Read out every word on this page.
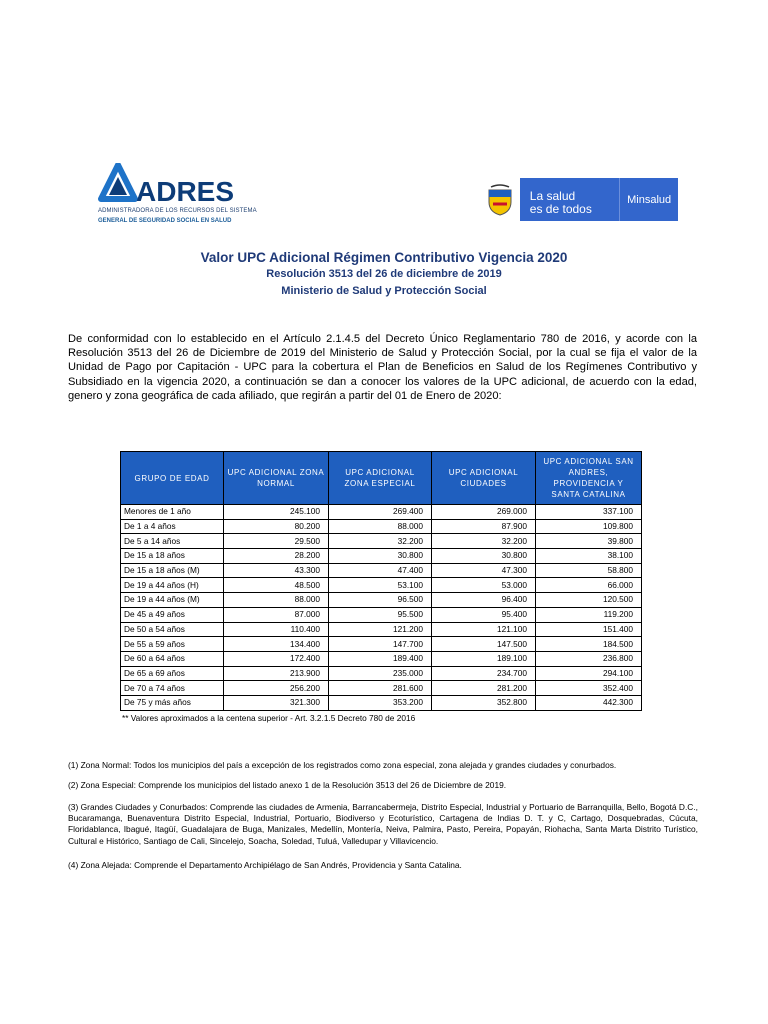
ADRES
ADMINISTRADORA DE LOS RECURSOS DEL SISTEMA
GENERAL DE SEGURIDAD SOCIAL EN SALUD
La salud
es de todos
Minsalud
Valor UPC Adicional Régimen Contributivo Vigencia 2020
Resolución 3513 del 26 de diciembre de 2019
Ministerio de Salud y Protección Social
De conformidad con lo establecido en el Artículo 2.1.4.5 del Decreto Único Reglamentario 780 de 2016, y acorde con la Resolución 3513 del 26 de Diciembre de 2019 del Ministerio de Salud y Protección Social, por la cual se fija el valor de la Unidad de Pago por Capitación - UPC para la cobertura el Plan de Beneficios en Salud de los Regímenes Contributivo y Subsidiado en la vigencia 2020, a continuación se dan a conocer los valores de la UPC adicional, de acuerdo con la edad, genero y zona geográfica de cada afiliado, que regirán a partir del 01 de Enero de 2020:
GRUPO DE EDAD	UPC ADICIONAL ZONA NORMAL	UPC ADICIONAL ZONA ESPECIAL	UPC ADICIONAL CIUDADES	UPC ADICIONAL SAN ANDRES, PROVIDENCIA Y SANTA CATALINA
Menores de 1 año	245.100	269.400	269.000	337.100
De 1 a 4 años	80.200	88.000	87.900	109.800
De 5 a 14 años	29.500	32.200	32.200	39.800
De 15 a 18 años	28.200	30.800	30.800	38.100
De 15 a 18 años (M)	43.300	47.400	47.300	58.800
De 19 a 44 años (H)	48.500	53.100	53.000	66.000
De 19 a 44 años (M)	88.000	96.500	96.400	120.500
De 45 a 49 años	87.000	95.500	95.400	119.200
De 50 a 54 años	110.400	121.200	121.100	151.400
De 55 a 59 años	134.400	147.700	147.500	184.500
De 60 a 64 años	172.400	189.400	189.100	236.800
De 65 a 69 años	213.900	235.000	234.700	294.100
De 70 a 74 años	256.200	281.600	281.200	352.400
De 75 y más años	321.300	353.200	352.800	442.300
** Valores aproximados a la centena superior - Art. 3.2.1.5 Decreto 780 de 2016
(1) Zona Normal: Todos los municipios del país a excepción de los registrados como zona especial, zona alejada y grandes ciudades y conurbados.
(2) Zona Especial: Comprende los municipios del listado anexo 1 de la Resolución 3513 del 26 de Diciembre de 2019.
(3) Grandes Ciudades y Conurbados: Comprende las ciudades de Armenia, Barrancabermeja, Distrito Especial, Industrial y Portuario de Barranquilla, Bello, Bogotá D.C., Bucaramanga, Buenaventura Distrito Especial, Industrial, Portuario, Biodiverso y Ecoturístico, Cartagena de Indias D. T. y C, Cartago, Dosquebradas, Cúcuta, Floridablanca, Ibagué, Itagüí, Guadalajara de Buga, Manizales, Medellín, Montería, Neiva, Palmira, Pasto, Pereira, Popayán, Riohacha, Santa Marta Distrito Turístico, Cultural e Histórico, Santiago de Cali, Sincelejo, Soacha, Soledad, Tuluá, Valledupar y Villavicencio.
(4) Zona Alejada: Comprende el Departamento Archipiélago de San Andrés, Providencia y Santa Catalina.
